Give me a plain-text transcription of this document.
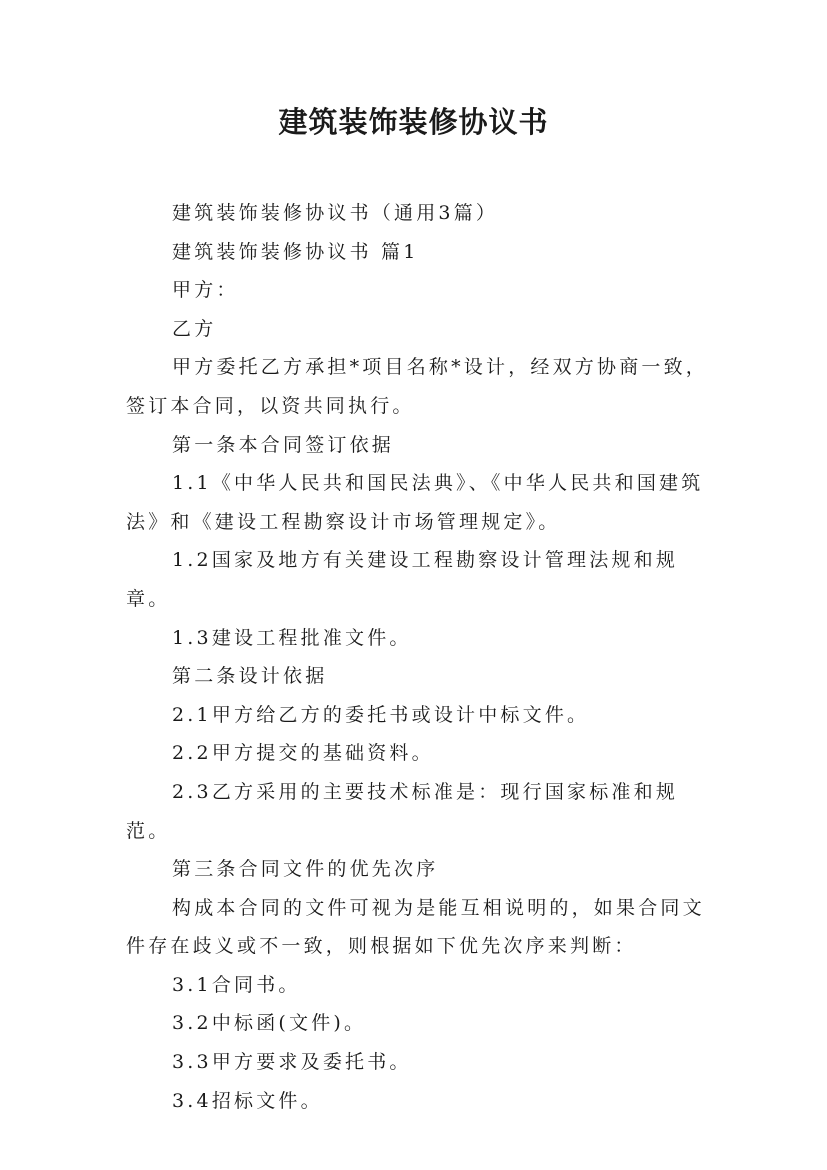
建筑装饰装修协议书

建筑装饰装修协议书（通用3篇）

建筑装饰装修协议书 篇1

甲方：

乙方

甲方委托乙方承担*项目名称*设计，经双方协商一致，签订本合同，以资共同执行。

第一条本合同签订依据

1.1《中华人民共和国民法典》、《中华人民共和国建筑法》和《建设工程勘察设计市场管理规定》。

1.2国家及地方有关建设工程勘察设计管理法规和规章。

1.3建设工程批准文件。

第二条设计依据

2.1甲方给乙方的委托书或设计中标文件。

2.2甲方提交的基础资料。

2.3乙方采用的主要技术标准是：现行国家标准和规范。

第三条合同文件的优先次序

构成本合同的文件可视为是能互相说明的，如果合同文件存在歧义或不一致，则根据如下优先次序来判断：

3.1合同书。

3.2中标函(文件)。

3.3甲方要求及委托书。

3.4招标文件。
